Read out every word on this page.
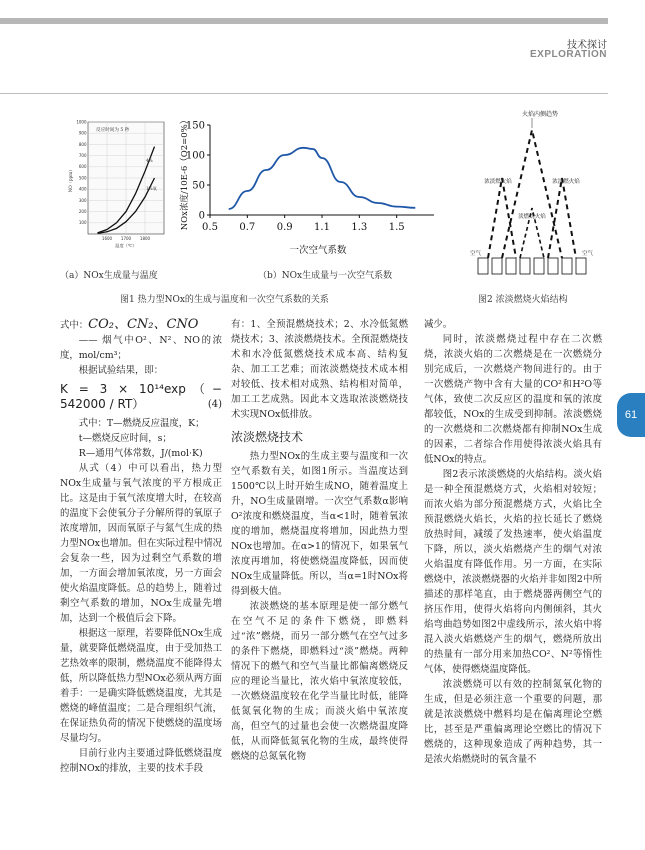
技术探讨
EXPLORATION
100
200
300
400
500
600
700
800
900
1000
1600 1700 1800
反应时间为 5 秒
NO（ppm）
温度（℃）
4%
1%氧
（a）NOx生成量与温度
0
50
100
150
0.5 0.7 0.9 1.1 1.3 1.5
NOx浓度/10E-6（O2=0%）
一次空气系数
（b）NOx生成量与一次空气系数
图1 热力型NOx的生成与温度和一次空气系数的关系
火焰内侧趋势
浓淡燃火焰	浓淡燃火焰
淡燃烧火焰
空气	空气
图2 浓淡燃烧火焰结构
61

式中：CO₂、CN₂、CNO

—— 烟气中O²、N²、NO的浓度，mol/cm³；

根据试验结果，即：

K = 3 × 10¹⁴exp（− 542000 / RT）	(4)

式中：T—燃烧反应温度，K；

t—燃烧反应时间，s；

R—通用气体常数，J/(mol·K)

从式（4）中可以看出，热力型NOx生成量与氧气浓度的平方根成正比。这是由于氧气浓度增大时，在较高的温度下会使氧分子分解所得的氧原子浓度增加，因而氧原子与氮气生成的热力型NOx也增加。但在实际过程中情况会复杂一些，因为过剩空气系数的增加，一方面会增加氧浓度，另一方面会使火焰温度降低。总的趋势上，随着过剩空气系数的增加，NOx生成量先增加，达到一个极值后会下降。

根据这一原理，若要降低NOx生成量，就要降低燃烧温度，由于受加热工艺热效率的限制，燃烧温度不能降得太低，所以降低热力型NOx必须从两方面着手：一是确实降低燃烧温度，尤其是燃烧的峰值温度；二是合理组织气流，在保证热负荷的情况下使燃烧的温度场尽量均匀。

目前行业内主要通过降低燃烧温度控制NOx的排放，主要的技术手段

有：1、全预混燃烧技术；2、水冷低氮燃烧技术；3、浓淡燃烧技术。全预混燃烧技术和水冷低氮燃烧技术成本高、结构复杂、加工工艺难；而浓淡燃烧技术成本相对较低、技术相对成熟、结构相对简单，加工工艺成熟。因此本文选取浓淡燃烧技术实现NOx低排放。

浓淡燃烧技术

热力型NOx的生成主要与温度和一次空气系数有关，如图1所示。当温度达到1500℃以上时开始生成NO，随着温度上升，NO生成量剧增。一次空气系数α影响O²浓度和燃烧温度，当α<1时，随着氧浓度的增加，燃烧温度将增加，因此热力型NOx也增加。在α>1的情况下，如果氧气浓度再增加，将使燃烧温度降低，因而使NOx生成量降低。所以，当α=1时NOx将得到极大值。

浓淡燃烧的基本原理是使一部分燃气在空气不足的条件下燃烧，即燃料过“浓”燃烧，而另一部分燃气在空气过多的条件下燃烧，即燃料过“淡”燃烧。两种情况下的燃气和空气当量比都偏离燃烧反应的理论当量比，浓火焰中氧浓度较低，一次燃烧温度较在化学当量比时低，能降低氮氧化物的生成；而淡火焰中氧浓度高，但空气的过量也会使一次燃烧温度降低，从而降低氮氧化物的生成，最终使得燃烧的总氮氧化物

减少。

同时，浓淡燃烧过程中存在二次燃烧，浓淡火焰的二次燃烧是在一次燃烧分别完成后，一次燃烧产物间进行的。由于一次燃烧产物中含有大量的CO²和H²O等气体，致使二次反应区的温度和氧的浓度都较低，NOx的生成受到抑制。浓淡燃烧的一次燃烧和二次燃烧都有抑制NOx生成的因素，二者综合作用使得浓淡火焰具有低NOx的特点。

图2表示浓淡燃烧的火焰结构。淡火焰是一种全预混燃烧方式，火焰相对较短；而浓火焰为部分预混燃烧方式，火焰比全预混燃烧火焰长，火焰的拉长延长了燃烧放热时间，减缓了发热速率，使火焰温度下降，所以，淡火焰燃烧产生的烟气对浓火焰温度有降低作用。另一方面，在实际燃烧中，浓淡燃烧器的火焰并非如图2中所描述的那样笔直，由于燃烧器两侧空气的挤压作用，使得火焰将向内侧倾斜，其火焰弯曲趋势如图2中虚线所示，浓火焰中将混入淡火焰燃烧产生的烟气，燃烧所放出的热量有一部分用来加热CO²、N²等惰性气体，使得燃烧温度降低。

浓淡燃烧可以有效的控制氮氧化物的生成，但是必须注意一个重要的问题，那就是浓淡燃烧中燃料均是在偏离理论空燃比，甚至是严重偏离理论空燃比的情况下燃烧的，这种现象造成了两种趋势，其一是浓火焰燃烧时的氧含量不
